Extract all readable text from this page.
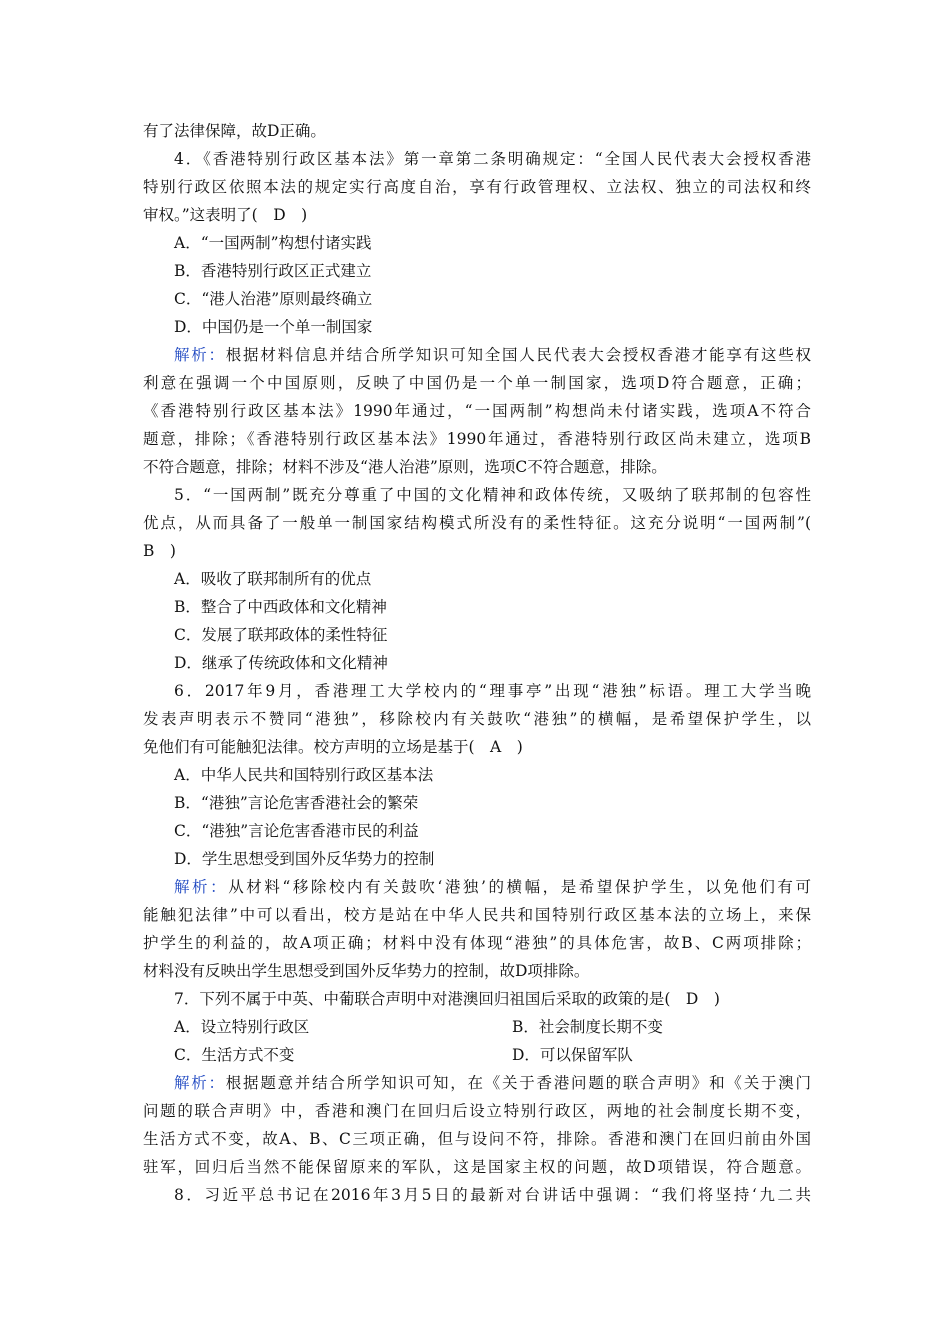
有了法律保障，故D正确。
4．《香港特别行政区基本法》第一章第二条明确规定：“全国人民代表大会授权香港
特别行政区依照本法的规定实行高度自治，享有行政管理权、立法权、独立的司法权和终
审权。”这表明了(　D　)
A．“一国两制”构想付诸实践
B．香港特别行政区正式建立
C．“港人治港”原则最终确立
D．中国仍是一个单一制国家
解析：根据材料信息并结合所学知识可知全国人民代表大会授权香港才能享有这些权
利意在强调一个中国原则，反映了中国仍是一个单一制国家，选项D符合题意，正确；
《香港特别行政区基本法》1990年通过，“一国两制”构想尚未付诸实践，选项A不符合
题意，排除；《香港特别行政区基本法》1990年通过，香港特别行政区尚未建立，选项B
不符合题意，排除；材料不涉及“港人治港”原则，选项C不符合题意，排除。
5．“一国两制”既充分尊重了中国的文化精神和政体传统，又吸纳了联邦制的包容性
优点，从而具备了一般单一制国家结构模式所没有的柔性特征。这充分说明“一国两制”(
B　)
A．吸收了联邦制所有的优点
B．整合了中西政体和文化精神
C．发展了联邦政体的柔性特征
D．继承了传统政体和文化精神
6．2017年9月，香港理工大学校内的“理事亭”出现“港独”标语。理工大学当晚
发表声明表示不赞同“港独”，移除校内有关鼓吹“港独”的横幅，是希望保护学生，以
免他们有可能触犯法律。校方声明的立场是基于(　A　)
A．中华人民共和国特别行政区基本法
B．“港独”言论危害香港社会的繁荣
C．“港独”言论危害香港市民的利益
D．学生思想受到国外反华势力的控制
解析：从材料“移除校内有关鼓吹‘港独’的横幅，是希望保护学生，以免他们有可
能触犯法律”中可以看出，校方是站在中华人民共和国特别行政区基本法的立场上，来保
护学生的利益的，故A项正确；材料中没有体现“港独”的具体危害，故B、C两项排除；
材料没有反映出学生思想受到国外反华势力的控制，故D项排除。
7．下列不属于中英、中葡联合声明中对港澳回归祖国后采取的政策的是(　D　)
A．设立特别行政区	B．社会制度长期不变
C．生活方式不变	D．可以保留军队
解析：根据题意并结合所学知识可知，在《关于香港问题的联合声明》和《关于澳门
问题的联合声明》中，香港和澳门在回归后设立特别行政区，两地的社会制度长期不变，
生活方式不变，故A、B、C三项正确，但与设问不符，排除。香港和澳门在回归前由外国
驻军，回归后当然不能保留原来的军队，这是国家主权的问题，故D项错误，符合题意。
8．习近平总书记在2016年3月5日的最新对台讲话中强调：“我们将坚持‘九二共
